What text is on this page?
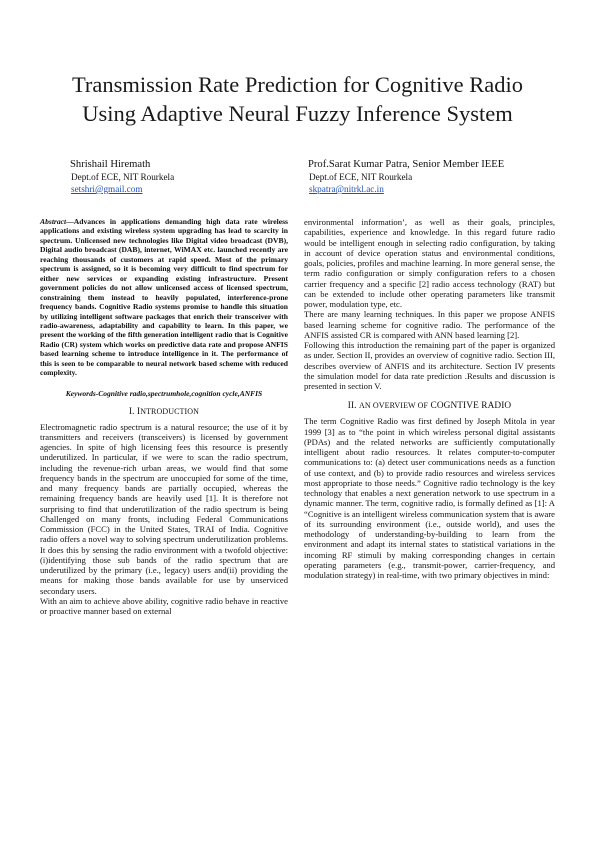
Transmission Rate Prediction for Cognitive Radio
Using Adaptive Neural Fuzzy Inference System
Shrishail Hiremath
Dept.of ECE, NIT Rourkela
setshri@gmail.com
Prof.Sarat Kumar Patra, Senior Member IEEE
Dept.of ECE, NIT Rourkela
skpatra@nitrkl.ac.in

Abstract—Advances in applications demanding high data rate wireless applications and existing wireless system upgrading has lead to scarcity in spectrum. Unlicensed new technologies like Digital video broadcast (DVB), Digital audio broadcast (DAB), internet, WiMAX etc. launched recently are reaching thousands of customers at rapid speed. Most of the primary spectrum is assigned, so it is becoming very difficult to find spectrum for either new services or expanding existing infrastructure. Present government policies do not allow unlicensed access of licensed spectrum, constraining them instead to heavily populated, interference-prone frequency bands. Cognitive Radio systems promise to handle this situation by utilizing intelligent software packages that enrich their transceiver with radio-awareness, adaptability and capability to learn. In this paper, we present the working of the fifth generation intelligent radio that is Cognitive Radio (CR) system which works on predictive data rate and propose ANFIS based learning scheme to introduce intelligence in it. The performance of this is seen to be comparable to neural network based scheme with reduced complexity.

Keywords-Cognitive radio,spectrumhole,cognition cycle,ANFIS

I. INTRODUCTION

Electromagnetic radio spectrum is a natural resource; the use of it by transmitters and receivers (transceivers) is licensed by government agencies. In spite of high licensing fees this resource is presently underutilized. In particular, if we were to scan the radio spectrum, including the revenue-rich urban areas, we would find that some frequency bands in the spectrum are unoccupied for some of the time, and many frequency bands are partially occupied, whereas the remaining frequency bands are heavily used [1]. It is therefore not surprising to find that underutilization of the radio spectrum is being Challenged on many fronts, including Federal Communications Commission (FCC) in the United States, TRAI of India. Cognitive radio offers a novel way to solving spectrum underutilization problems. It does this by sensing the radio environment with a twofold objective: (i)identifying those sub bands of the radio spectrum that are underutilized by the primary (i.e., legacy) users and(ii) providing the means for making those bands available for use by unserviced secondary users.

With an aim to achieve above ability, cognitive radio behave in reactive or proactive manner based on external

environmental information’, as well as their goals, principles, capabilities, experience and knowledge. In this regard future radio would be intelligent enough in selecting radio configuration, by taking in account of device operation status and environmental conditions, goals, policies, profiles and machine learning. In more general sense, the term radio configuration or simply configuration refers to a chosen carrier frequency and a specific [2] radio access technology (RAT) but can be extended to include other operating parameters like transmit power, modulation type, etc.

There are many learning techniques. In this paper we propose ANFIS based learning scheme for cognitive radio. The performance of the ANFIS assisted CR is compared with ANN based learning [2].

Following this introduction the remaining part of the paper is organized as under. Section II, provides an overview of cognitive radio. Section III, describes overview of ANFIS and its architecture. Section IV presents the simulation model for data rate prediction .Results and discussion is presented in section V.

II. AN OVERVIEW OF COGNTIVE RADIO

The term Cognitive Radio was first defined by Joseph Mitola in year 1999 [3] as to “the point in which wireless personal digital assistants (PDAs) and the related networks are sufficiently computationally intelligent about radio resources. It relates computer-to-computer communications to: (a) detect user communications needs as a function of use context, and (b) to provide radio resources and wireless services most appropriate to those needs.” Cognitive radio technology is the key technology that enables a next generation network to use spectrum in a dynamic manner. The term, cognitive radio, is formally defined as [1]: A “Cognitive is an intelligent wireless communication system that is aware of its surrounding environment (i.e., outside world), and uses the methodology of understanding-by-building to learn from the environment and adapt its internal states to statistical variations in the incoming RF stimuli by making corresponding changes in certain operating parameters (e.g., transmit-power, carrier-frequency, and modulation strategy) in real-time, with two primary objectives in mind:
